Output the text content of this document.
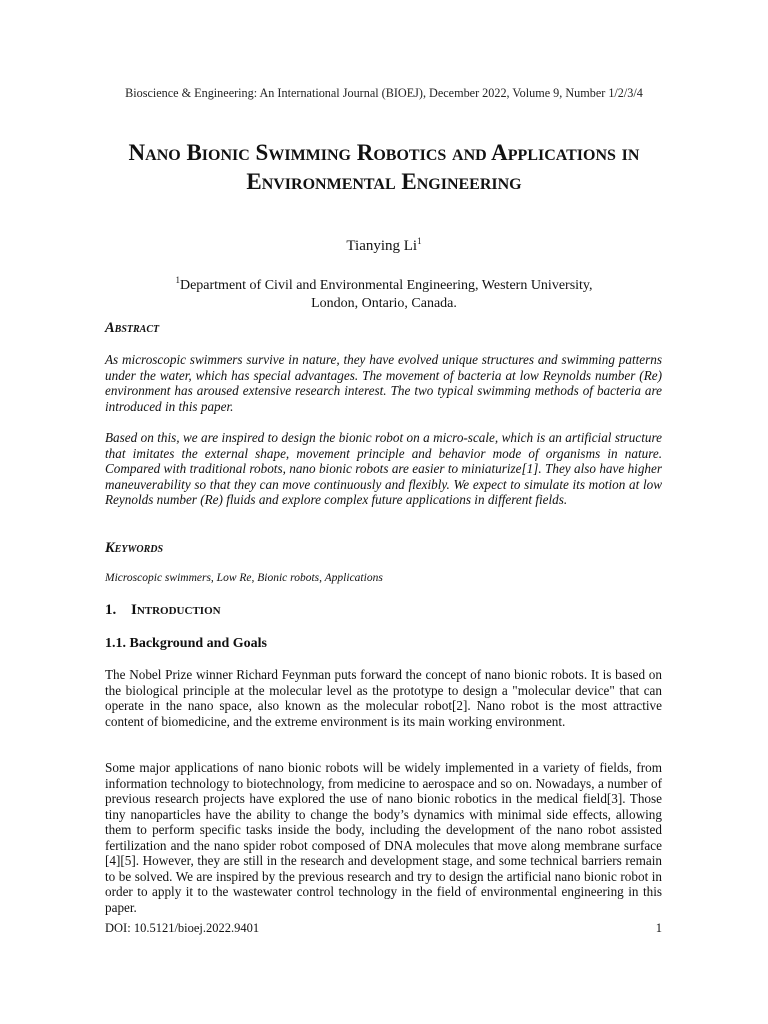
Bioscience & Engineering: An International Journal (BIOEJ), December 2022, Volume 9, Number 1/2/3/4
Nano Bionic Swimming Robotics and Applications in Environmental Engineering
Tianying Li$^1$
$^1$Department of Civil and Environmental Engineering, Western University,
London, Ontario, Canada.
Abstract
As microscopic swimmers survive in nature, they have evolved unique structures and swimming patterns under the water, which has special advantages. The movement of bacteria at low Reynolds number (Re) environment has aroused extensive research interest. The two typical swimming methods of bacteria are introduced in this paper.
Based on this, we are inspired to design the bionic robot on a micro-scale, which is an artificial structure that imitates the external shape, movement principle and behavior mode of organisms in nature. Compared with traditional robots, nano bionic robots are easier to miniaturize[1]. They also have higher maneuverability so that they can move continuously and flexibly. We expect to simulate its motion at low Reynolds number (Re) fluids and explore complex future applications in different fields.
Keywords
Microscopic swimmers, Low Re, Bionic robots, Applications
1. Introduction
1.1. Background and Goals
The Nobel Prize winner Richard Feynman puts forward the concept of nano bionic robots. It is based on the biological principle at the molecular level as the prototype to design a "molecular device" that can operate in the nano space, also known as the molecular robot[2]. Nano robot is the most attractive content of biomedicine, and the extreme environment is its main working environment.
Some major applications of nano bionic robots will be widely implemented in a variety of fields, from information technology to biotechnology, from medicine to aerospace and so on. Nowadays, a number of previous research projects have explored the use of nano bionic robotics in the medical field[3]. Those tiny nanoparticles have the ability to change the body’s dynamics with minimal side effects, allowing them to perform specific tasks inside the body, including the development of the nano robot assisted fertilization and the nano spider robot composed of DNA molecules that move along membrane surface [4][5]. However, they are still in the research and development stage, and some technical barriers remain to be solved. We are inspired by the previous research and try to design the artificial nano bionic robot in order to apply it to the wastewater control technology in the field of environmental engineering in this paper.
DOI: 10.5121/bioej.2022.9401	1
